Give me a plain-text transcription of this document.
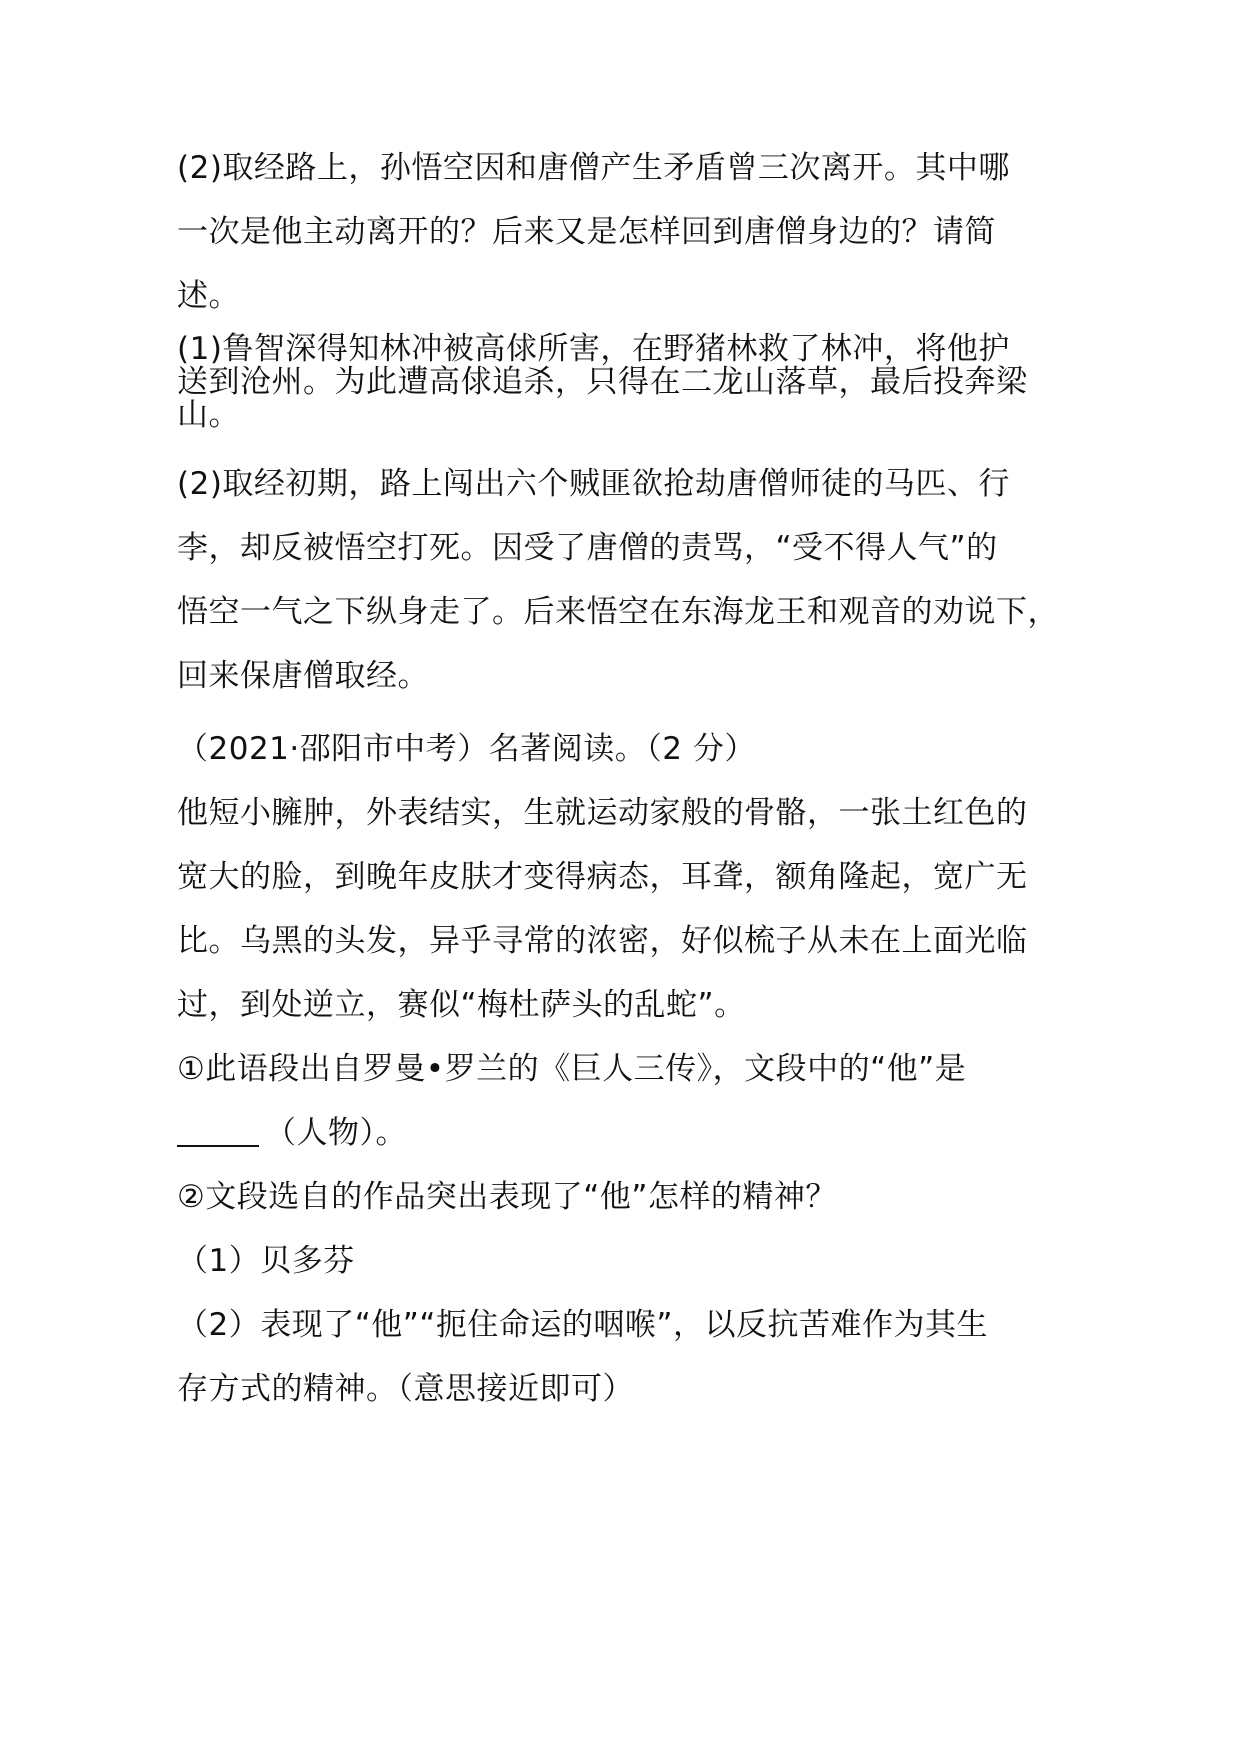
(2)取经路上，孙悟空因和唐僧产生矛盾曾三次离开。其中哪
一次是他主动离开的？后来又是怎样回到唐僧身边的？请简
述。
(1)鲁智深得知林冲被高俅所害，在野猪林救了林冲，将他护
送到沧州。为此遭高俅追杀，只得在二龙山落草，最后投奔梁
山。
(2)取经初期，路上闯出六个贼匪欲抢劫唐僧师徒的马匹、行
李，却反被悟空打死。因受了唐僧的责骂，“受不得人气”的
悟空一气之下纵身走了。后来悟空在东海龙王和观音的劝说下，
回来保唐僧取经。
（2021·邵阳市中考）名著阅读。（2 分）
他短小臃肿，外表结实，生就运动家般的骨骼，一张土红色的
宽大的脸，到晚年皮肤才变得病态，耳聋，额角隆起，宽广无
比。乌黑的头发，异乎寻常的浓密，好似梳子从未在上面光临
过，到处逆立，赛似“梅杜萨头的乱蛇”。
①此语段出自罗曼•罗兰的《巨人三传》，文段中的“他”是
（人物）。
②文段选自的作品突出表现了“他”怎样的精神？
（1）贝多芬
（2）表现了“他”“扼住命运的咽喉”，以反抗苦难作为其生
存方式的精神。（意思接近即可）
